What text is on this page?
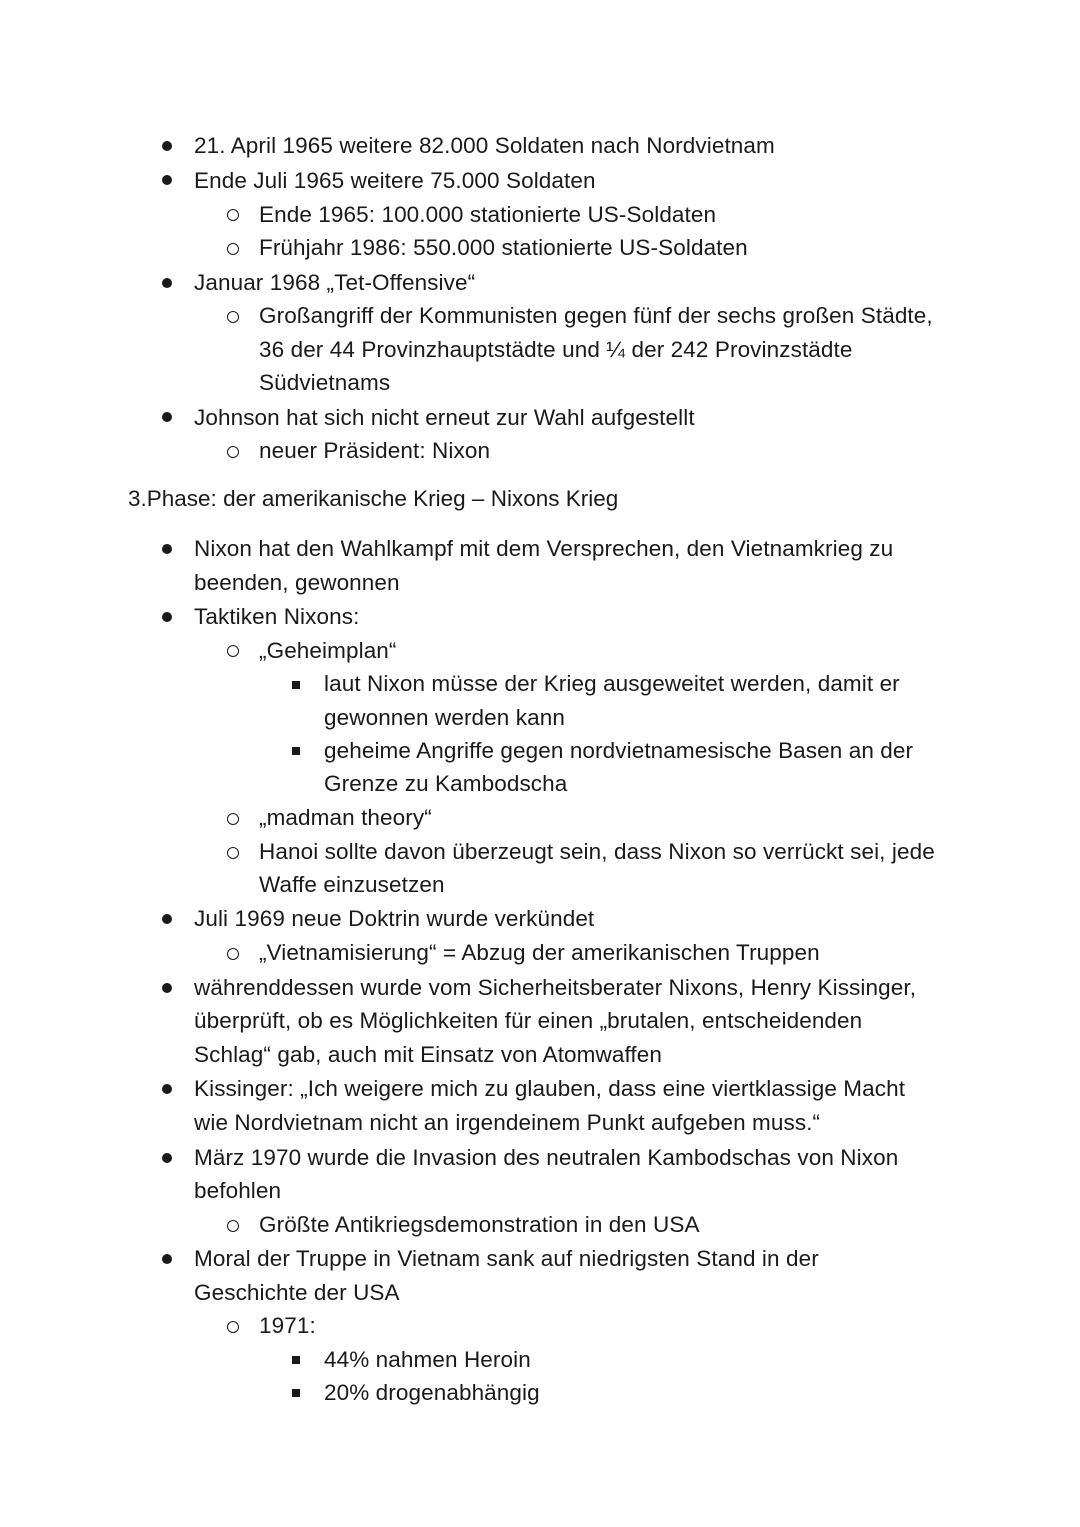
21. April 1965 weitere 82.000 Soldaten nach Nordvietnam
Ende Juli 1965 weitere 75.000 Soldaten
Ende 1965: 100.000 stationierte US-Soldaten
Frühjahr 1986: 550.000 stationierte US-Soldaten
Januar 1968 „Tet-Offensive“
Großangriff der Kommunisten gegen fünf der sechs großen Städte,
36 der 44 Provinzhauptstädte und ¼ der 242 Provinzstädte
Südvietnams
Johnson hat sich nicht erneut zur Wahl aufgestellt
neuer Präsident: Nixon
3.Phase: der amerikanische Krieg – Nixons Krieg
Nixon hat den Wahlkampf mit dem Versprechen, den Vietnamkrieg zu
beenden, gewonnen
Taktiken Nixons:
„Geheimplan“
laut Nixon müsse der Krieg ausgeweitet werden, damit er
gewonnen werden kann
geheime Angriffe gegen nordvietnamesische Basen an der
Grenze zu Kambodscha
„madman theory“
Hanoi sollte davon überzeugt sein, dass Nixon so verrückt sei, jede
Waffe einzusetzen
Juli 1969 neue Doktrin wurde verkündet
„Vietnamisierung“ = Abzug der amerikanischen Truppen
währenddessen wurde vom Sicherheitsberater Nixons, Henry Kissinger,
überprüft, ob es Möglichkeiten für einen „brutalen, entscheidenden
Schlag“ gab, auch mit Einsatz von Atomwaffen
Kissinger: „Ich weigere mich zu glauben, dass eine viertklassige Macht
wie Nordvietnam nicht an irgendeinem Punkt aufgeben muss.“
März 1970 wurde die Invasion des neutralen Kambodschas von Nixon
befohlen
Größte Antikriegsdemonstration in den USA
Moral der Truppe in Vietnam sank auf niedrigsten Stand in der
Geschichte der USA
1971:
44% nahmen Heroin
20% drogenabhängig
